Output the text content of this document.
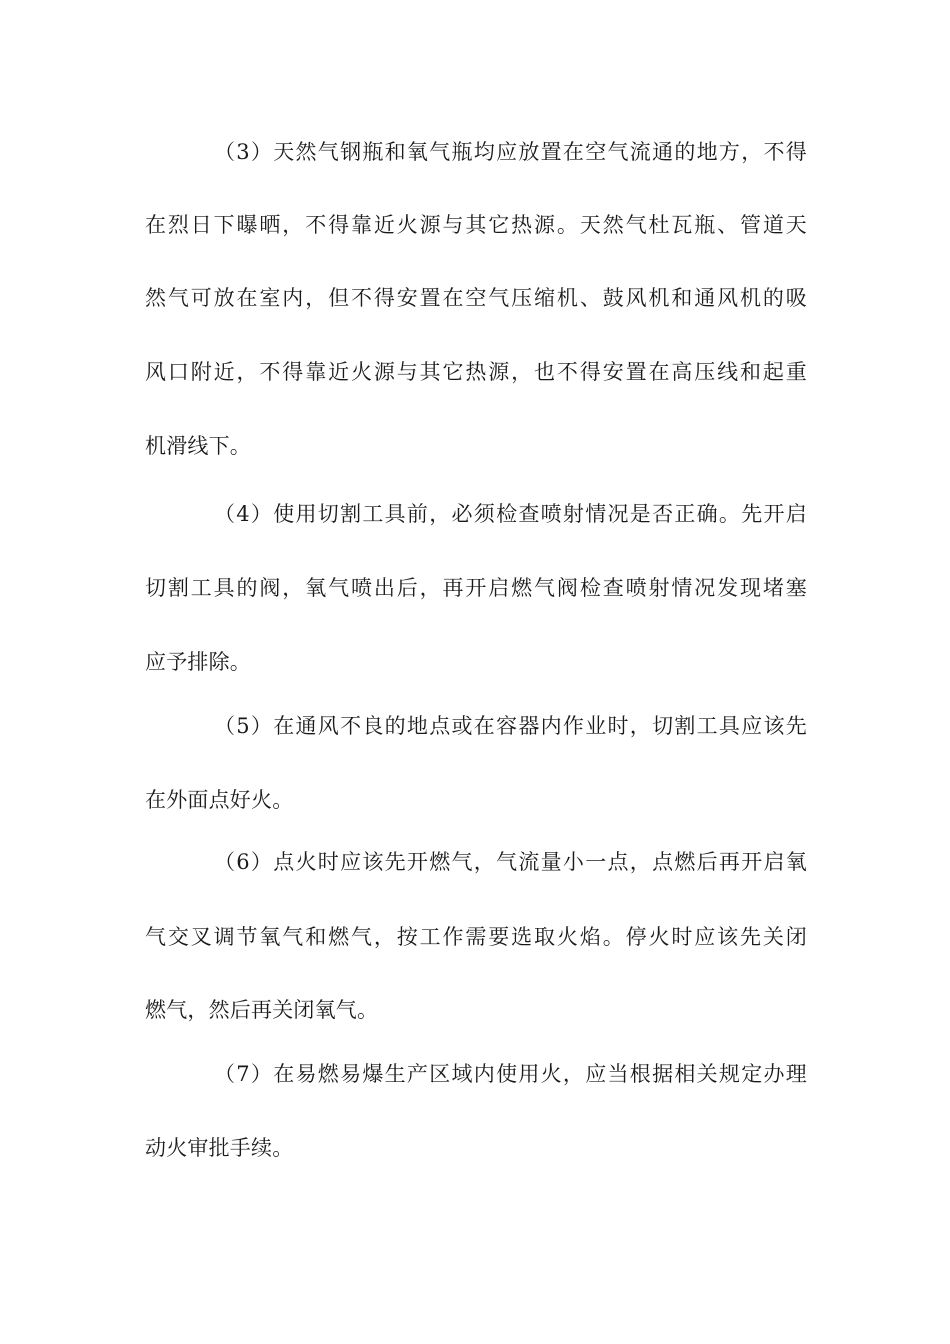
（3）天然气钢瓶和氧气瓶均应放置在空气流通的地方，不得
在烈日下曝晒，不得靠近火源与其它热源。天然气杜瓦瓶、管道天
然气可放在室内，但不得安置在空气压缩机、鼓风机和通风机的吸
风口附近，不得靠近火源与其它热源，也不得安置在高压线和起重
机滑线下。
（4）使用切割工具前，必须检查喷射情况是否正确。先开启
切割工具的阀，氧气喷出后，再开启燃气阀检查喷射情况发现堵塞
应予排除。
（5）在通风不良的地点或在容器内作业时，切割工具应该先
在外面点好火。
（6）点火时应该先开燃气，气流量小一点，点燃后再开启氧
气交叉调节氧气和燃气，按工作需要选取火焰。停火时应该先关闭
燃气，然后再关闭氧气。
（7）在易燃易爆生产区域内使用火，应当根据相关规定办理
动火审批手续。
